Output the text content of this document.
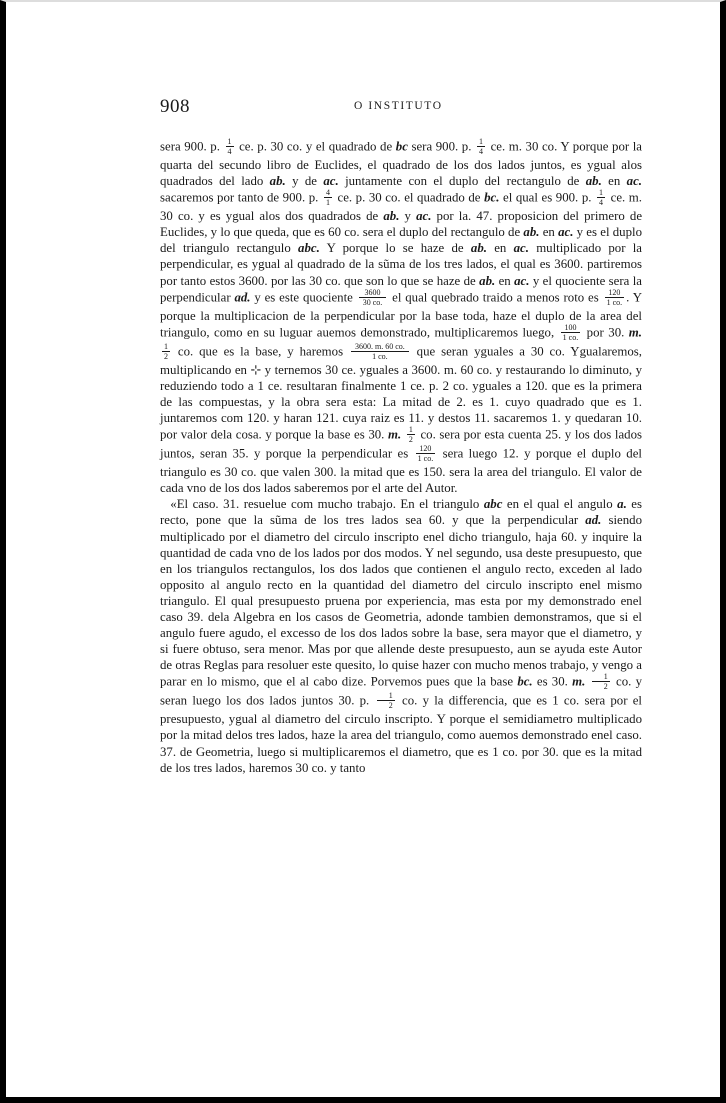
908	O INSTITUTO

sera 900. p. $\frac{1}{4}$ ce. p. 30 co. y el quadrado de bc sera 900. p. $\frac{1}{4}$ ce. m. 30 co. Y porque por la quarta del secundo libro de Euclides, el quadrado de los dos lados juntos, es ygual alos quadrados del lado ab. y de ac. juntamente con el duplo del rectangulo de ab. en ac. sacaremos por tanto de 900. p. $\frac{4}{1}$ ce. p. 30 co. el quadrado de bc. el qual es 900. p. $\frac{1}{4}$ ce. m. 30 co. y es ygual alos dos quadrados de ab. y ac. por la. 47. proposicion del primero de Euclides, y lo que queda, que es 60 co. sera el duplo del rectangulo de ab. en ac. y es el duplo del triangulo rectangulo abc. Y porque lo se haze de ab. en ac. multiplicado por la perpendicular, es ygual al quadrado de la sũma de los tres lados, el qual es 3600. partiremos por tanto estos 3600. por las 30 co. que son lo que se haze de ab. en ac. y el quociente sera la perpendicular ad. y es este quociente $\frac{3600}{30 co.}$ el qual quebrado traido a menos roto es $\frac{120}{1 co.}$ . Y porque la multiplicacion de la perpendicular por la base toda, haze el duplo de la area del triangulo, como en su luguar auemos demonstrado, multiplicaremos luego, $\frac{100}{1 co.}$ por 30. m.
$\frac{1}{2}$ co. que es la base, y haremos $\frac{3600. m. 60 co.}{1 co.}$ que seran yguales a 30 co. Ygualaremos, multiplicando en ⊹ y ternemos 30 ce. yguales a 3600. m. 60 co. y restaurando lo diminuto, y reduziendo todo a 1 ce. resultaran finalmente 1 ce. p. 2 co. yguales a 120. que es la primera de las compuestas, y la obra sera esta: La mitad de 2. es 1. cuyo quadrado que es 1. juntaremos com 120. y haran 121. cuya raiz es 11. y destos 11. sacaremos 1. y quedaran 10. por valor dela cosa. y porque la base es 30. m. $\frac{1}{2}$ co. sera por esta cuenta 25. y los dos lados juntos, seran 35. y porque la perpendicular es $\frac{120}{1 co.}$ sera luego 12. y porque el duplo del triangulo es 30 co. que valen 300. la mitad que es 150. sera la area del triangulo. El valor de cada vno de los dos lados saberemos por el arte del Autor.

«El caso. 31. resuelue com mucho trabajo. En el triangulo abc en el qual el angulo a. es recto, pone que la sũma de los tres lados sea 60. y que la perpendicular ad. siendo multiplicado por el diametro del circulo inscripto enel dicho triangulo, haja 60. y inquire la quantidad de cada vno de los lados por dos modos. Y nel segundo, usa deste presupuesto, que en los triangulos rectangulos, los dos lados que contienen el angulo recto, exceden al lado opposito al angulo recto en la quantidad del diametro del circulo inscripto enel mismo triangulo. El qual presupuesto pruena por experiencia, mas esta por my demonstrado enel caso 39. dela Algebra en los casos de Geometria, adonde tambien demonstramos, que si el angulo fuere agudo, el excesso de los dos lados sobre la base, sera mayor que el diametro, y si fuere obtuso, sera menor. Mas por que allende deste presupuesto, aun se ayuda este Autor de otras Reglas para resoluer este quesito, lo quise hazer con mucho menos trabajo, y vengo a parar en lo mismo, que el al cabo dize. Porvemos pues que la base bc. es 30. m. $\frac{1}{2}$ co. y seran luego los dos lados juntos 30. p. $\frac{1}{2}$ co. y la differencia, que es 1 co. sera por el presupuesto, ygual al diametro del circulo inscripto. Y porque el semidiametro multiplicado por la mitad delos tres lados, haze la area del triangulo, como auemos demonstrado enel caso. 37. de Geometria, luego si multiplicaremos el diametro, que es 1 co. por 30. que es la mitad de los tres lados, haremos 30 co. y tanto
